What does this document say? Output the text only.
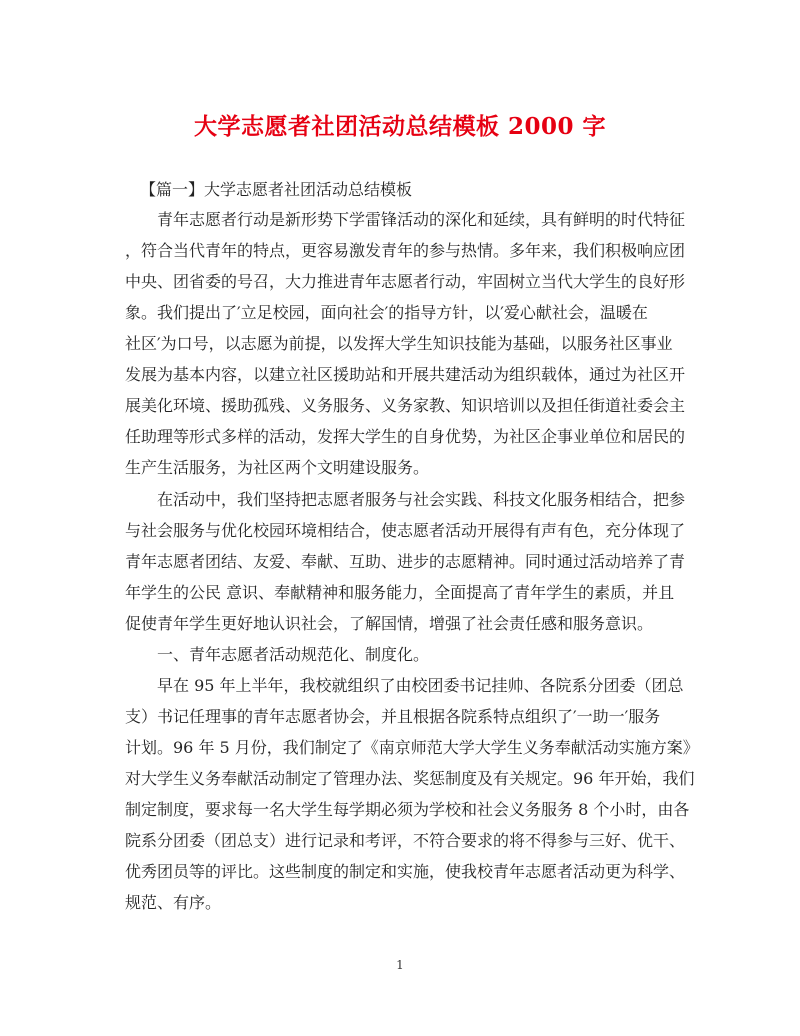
大学志愿者社团活动总结模板 2000 字
【篇一】大学志愿者社团活动总结模板
青年志愿者行动是新形势下学雷锋活动的深化和延续，具有鲜明的时代特征
，符合当代青年的特点，更容易激发青年的参与热情。多年来，我们积极响应团
中央、团省委的号召，大力推进青年志愿者行动，牢固树立当代大学生的良好形
象。我们提出了′立足校园，面向社会′的指导方针，以′爱心献社会，温暖在
社区′为口号，以志愿为前提，以发挥大学生知识技能为基础，以服务社区事业
发展为基本内容，以建立社区援助站和开展共建活动为组织载体，通过为社区开
展美化环境、援助孤残、义务服务、义务家教、知识培训以及担任街道社委会主
任助理等形式多样的活动，发挥大学生的自身优势，为社区企事业单位和居民的
生产生活服务，为社区两个文明建设服务。
在活动中，我们坚持把志愿者服务与社会实践、科技文化服务相结合，把参
与社会服务与优化校园环境相结合，使志愿者活动开展得有声有色，充分体现了
青年志愿者团结、友爱、奉献、互助、进步的志愿精神。同时通过活动培养了青
年学生的公民 意识、奉献精神和服务能力，全面提高了青年学生的素质，并且
促使青年学生更好地认识社会，了解国情，增强了社会责任感和服务意识。
一、青年志愿者活动规范化、制度化。
早在 95 年上半年，我校就组织了由校团委书记挂帅、各院系分团委（团总
支）书记任理事的青年志愿者协会，并且根据各院系特点组织了′一助一′服务
计划。96 年 5 月份，我们制定了《南京师范大学大学生义务奉献活动实施方案》
对大学生义务奉献活动制定了管理办法、奖惩制度及有关规定。96 年开始，我们
制定制度，要求每一名大学生每学期必须为学校和社会义务服务 8 个小时，由各
院系分团委（团总支）进行记录和考评，不符合要求的将不得参与三好、优干、
优秀团员等的评比。这些制度的制定和实施，使我校青年志愿者活动更为科学、
规范、有序。
1
